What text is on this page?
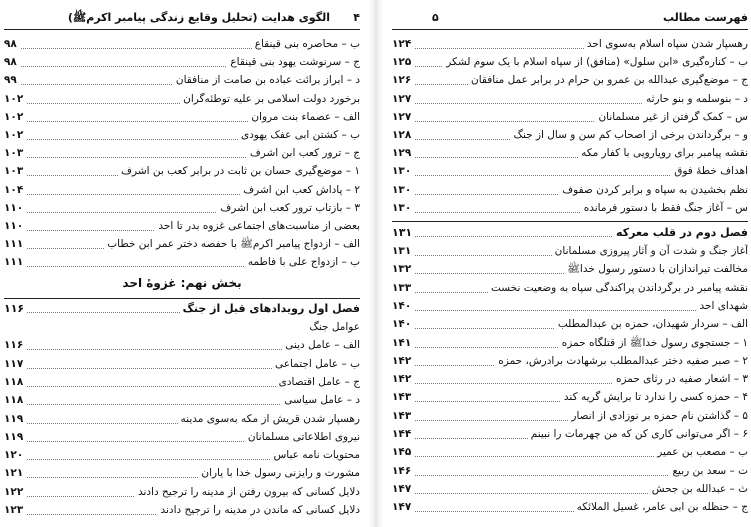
الگوی هدایت (تحلیل وقایع زندگی پیامبر اکرمﷺ) ۴
ب – محاصره بنی قینقاع
۹۸
ج – سرنوشت یهود بنی قینقاع
۹۸
د – ابراز برائت عباده بن صامت از منافقان
۹۹
برخورد دولت اسلامی بر علیه توطئه‌گران
۱۰۲
الف – عصماء بنت مروان
۱۰۲
ب – کشتن ابی عفک یهودی
۱۰۲
ج – ترور کعب ابن اشرف
۱۰۳
۱ – موضع‌گیری حسان بن ثابت در برابر کعب بن اشرف
۱۰۳
۲ – پاداش کعب ابن اشرف
۱۰۴
۳ – بازتاب ترور کعب ابن اشرف
۱۱۰
بعضی از مناسبت‌های اجتماعی غزوه بدر تا احد
۱۱۰
الف – ازدواج پیامبر اکرمﷺ با حفصه دختر عمر ابن خطاب
۱۱۱
ب – ازدواج علی با فاطمه
۱۱۱
بخش نهم: غزوۀ احد
فصل اول رویدادهای قبل از جنگ
۱۱۶
عوامل جنگ
الف – عامل دینی
۱۱۶
ب – عامل اجتماعی
۱۱۷
ج – عامل اقتصادی
۱۱۸
د – عامل سیاسی
۱۱۸
رهسپار شدن قریش از مکه به‌سوی مدینه
۱۱۹
نیروی اطلاعاتی مسلمانان
۱۱۹
محتویات نامه عباس
۱۲۰
مشورت و رایزنی رسول خدا با یاران
۱۲۱
دلایل کسانی که بیرون رفتن از مدینه را ترجیح دادند
۱۲۲
دلایل کسانی که ماندن در مدینه را ترجیح دادند
۱۲۳
فهرست مطالب
۵
رهسپار شدن سپاه اسلام به‌سوی احد
۱۲۴
ب – کناره‌گیری «ابن سلول» (منافق) از سپاه اسلام با یک سوم لشکر
۱۲۵
ج – موضع‌گیری عبدالله بن عمرو بن حرام در برابر عمل منافقان
۱۲۶
د – بنوسلمه و بنو حارثه
۱۲۷
س – کمک گرفتن از غیر مسلمانان
۱۲۷
و – برگرداندن برخی از اصحاب کم سن و سال از جنگ
۱۲۸
نقشه پیامبر برای رویارویی با کفار مکه
۱۲۹
اهداف خطۀ فوق
۱۳۰
نظم بخشیدن به سپاه و برابر کردن صفوف
۱۳۰
س – آغاز جنگ فقط با دستور فرمانده
۱۳۰
فصل دوم در قلب معرکه
۱۳۱
آغاز جنگ و شدت آن و آثار پیروزی مسلمانان
۱۳۱
مخالفت تیراندازان با دستور رسول خداﷺ
۱۳۲
نقشه پیامبر در برگرداندن پراکندگی سپاه به وضعیت نخست
۱۳۳
شهدای احد
۱۴۰
الف – سردار شهیدان، حمزه بن عبدالمطلب
۱۴۰
۱ – جستجوی رسول خداﷺ از قتلگاه حمزه
۱۴۱
۲ – صبر صفیه دختر عبدالمطلب برشهادت برادرش، حمزه
۱۴۲
۳ – اشعار صفیه در رثای حمزه
۱۴۲
۴ – حمزه کسی را ندارد تا برایش گریه کند
۱۴۳
۵ – گذاشتن نام حمزه بر نوزادی از انصار
۱۴۳
۶ – اگر می‌توانی کاری کن که من چهرمات را نبینم
۱۴۴
ب – مصعب بن عمیر
۱۴۵
ت – سعد بن ربیع
۱۴۶
ث – عبدالله بن جحش
۱۴۷
ج – حنظله بن ابی عامر، غسیل الملائکه
۱۴۷
